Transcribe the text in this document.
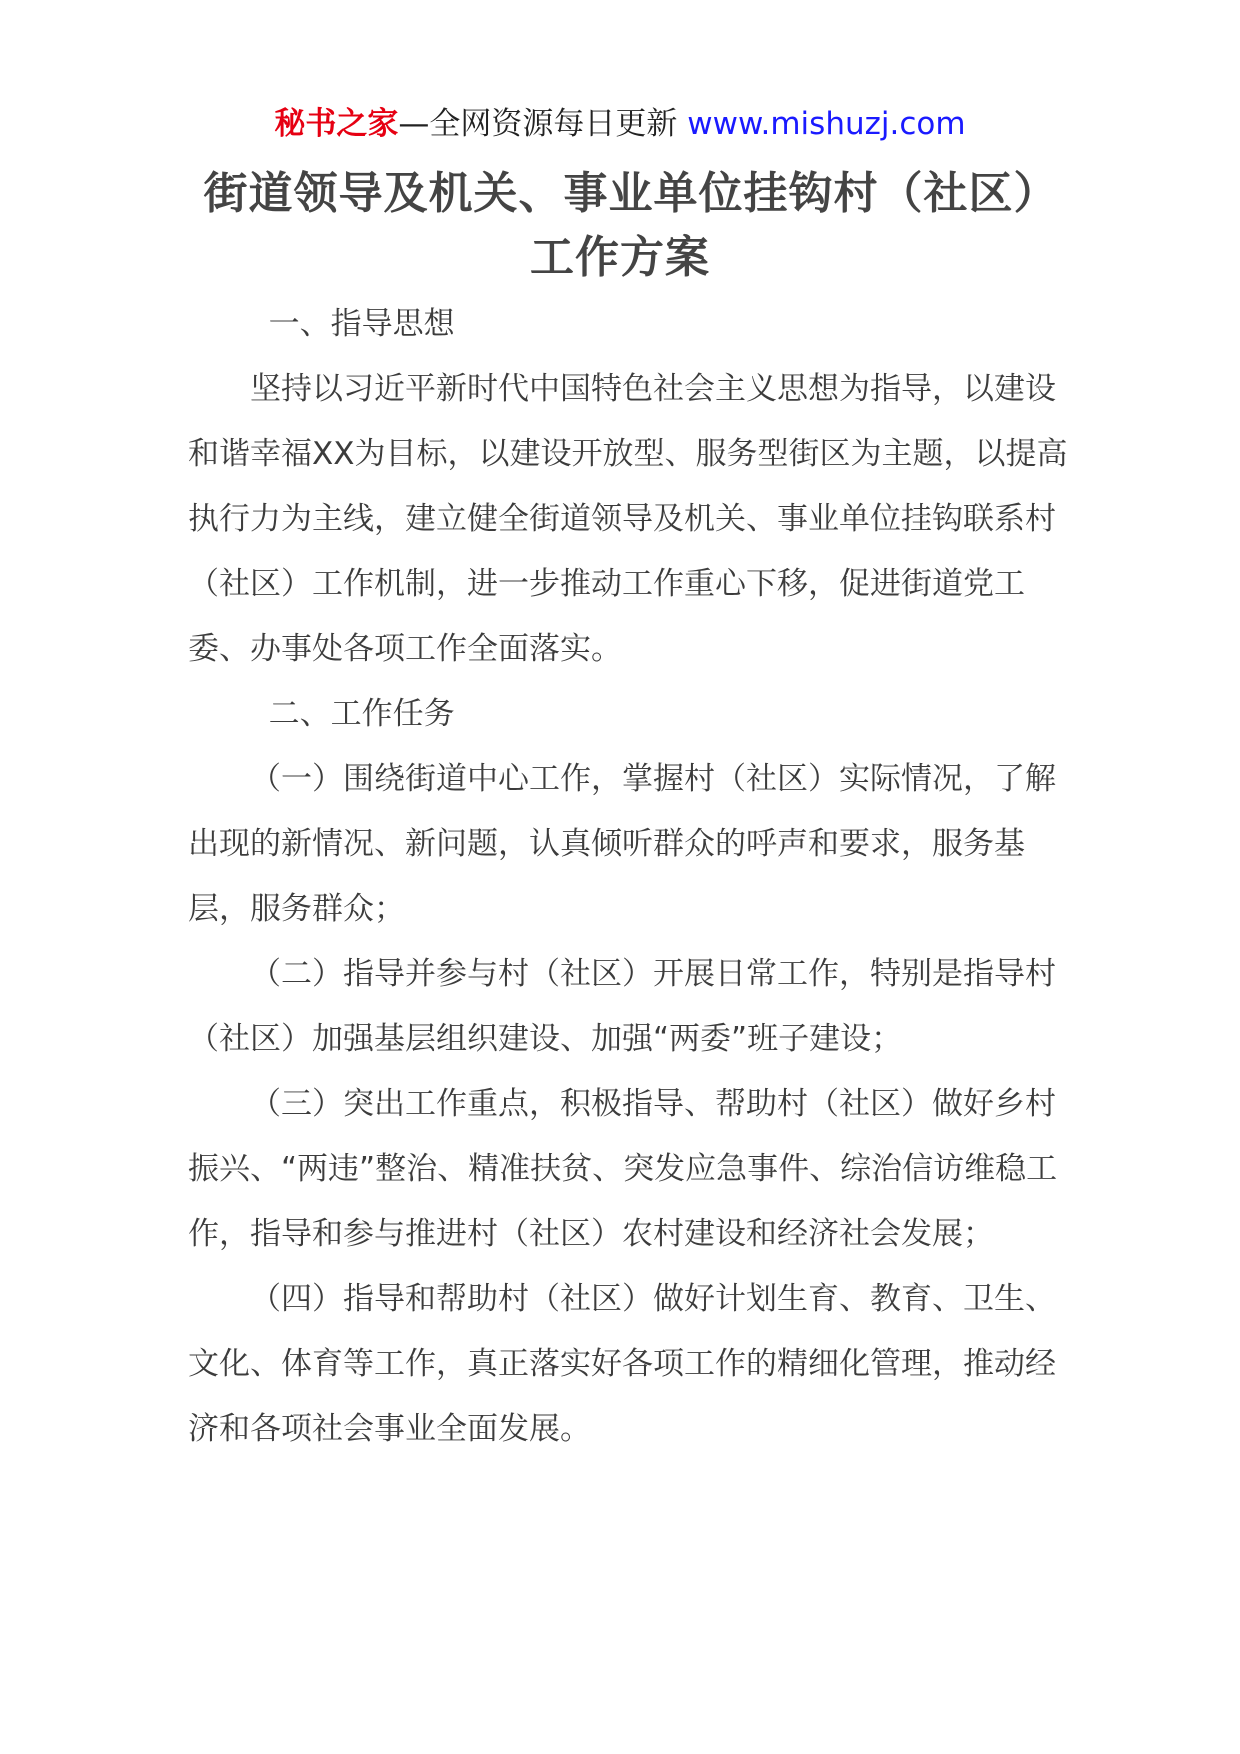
秘书之家—全网资源每日更新 www.mishuzj.com
街道领导及机关、事业单位挂钩村（社区）工作方案

一、指导思想

坚持以习近平新时代中国特色社会主义思想为指导，以建设和谐幸福XX为目标，以建设开放型、服务型街区为主题，以提高执行力为主线，建立健全街道领导及机关、事业单位挂钩联系村（社区）工作机制，进一步推动工作重心下移，促进街道党工委、办事处各项工作全面落实。

二、工作任务

（一）围绕街道中心工作，掌握村（社区）实际情况，了解出现的新情况、新问题，认真倾听群众的呼声和要求，服务基层，服务群众；

（二）指导并参与村（社区）开展日常工作，特别是指导村（社区）加强基层组织建设、加强“两委”班子建设；

（三）突出工作重点，积极指导、帮助村（社区）做好乡村振兴、“两违”整治、精准扶贫、突发应急事件、综治信访维稳工作，指导和参与推进村（社区）农村建设和经济社会发展；

（四）指导和帮助村（社区）做好计划生育、教育、卫生、文化、体育等工作，真正落实好各项工作的精细化管理，推动经济和各项社会事业全面发展。
